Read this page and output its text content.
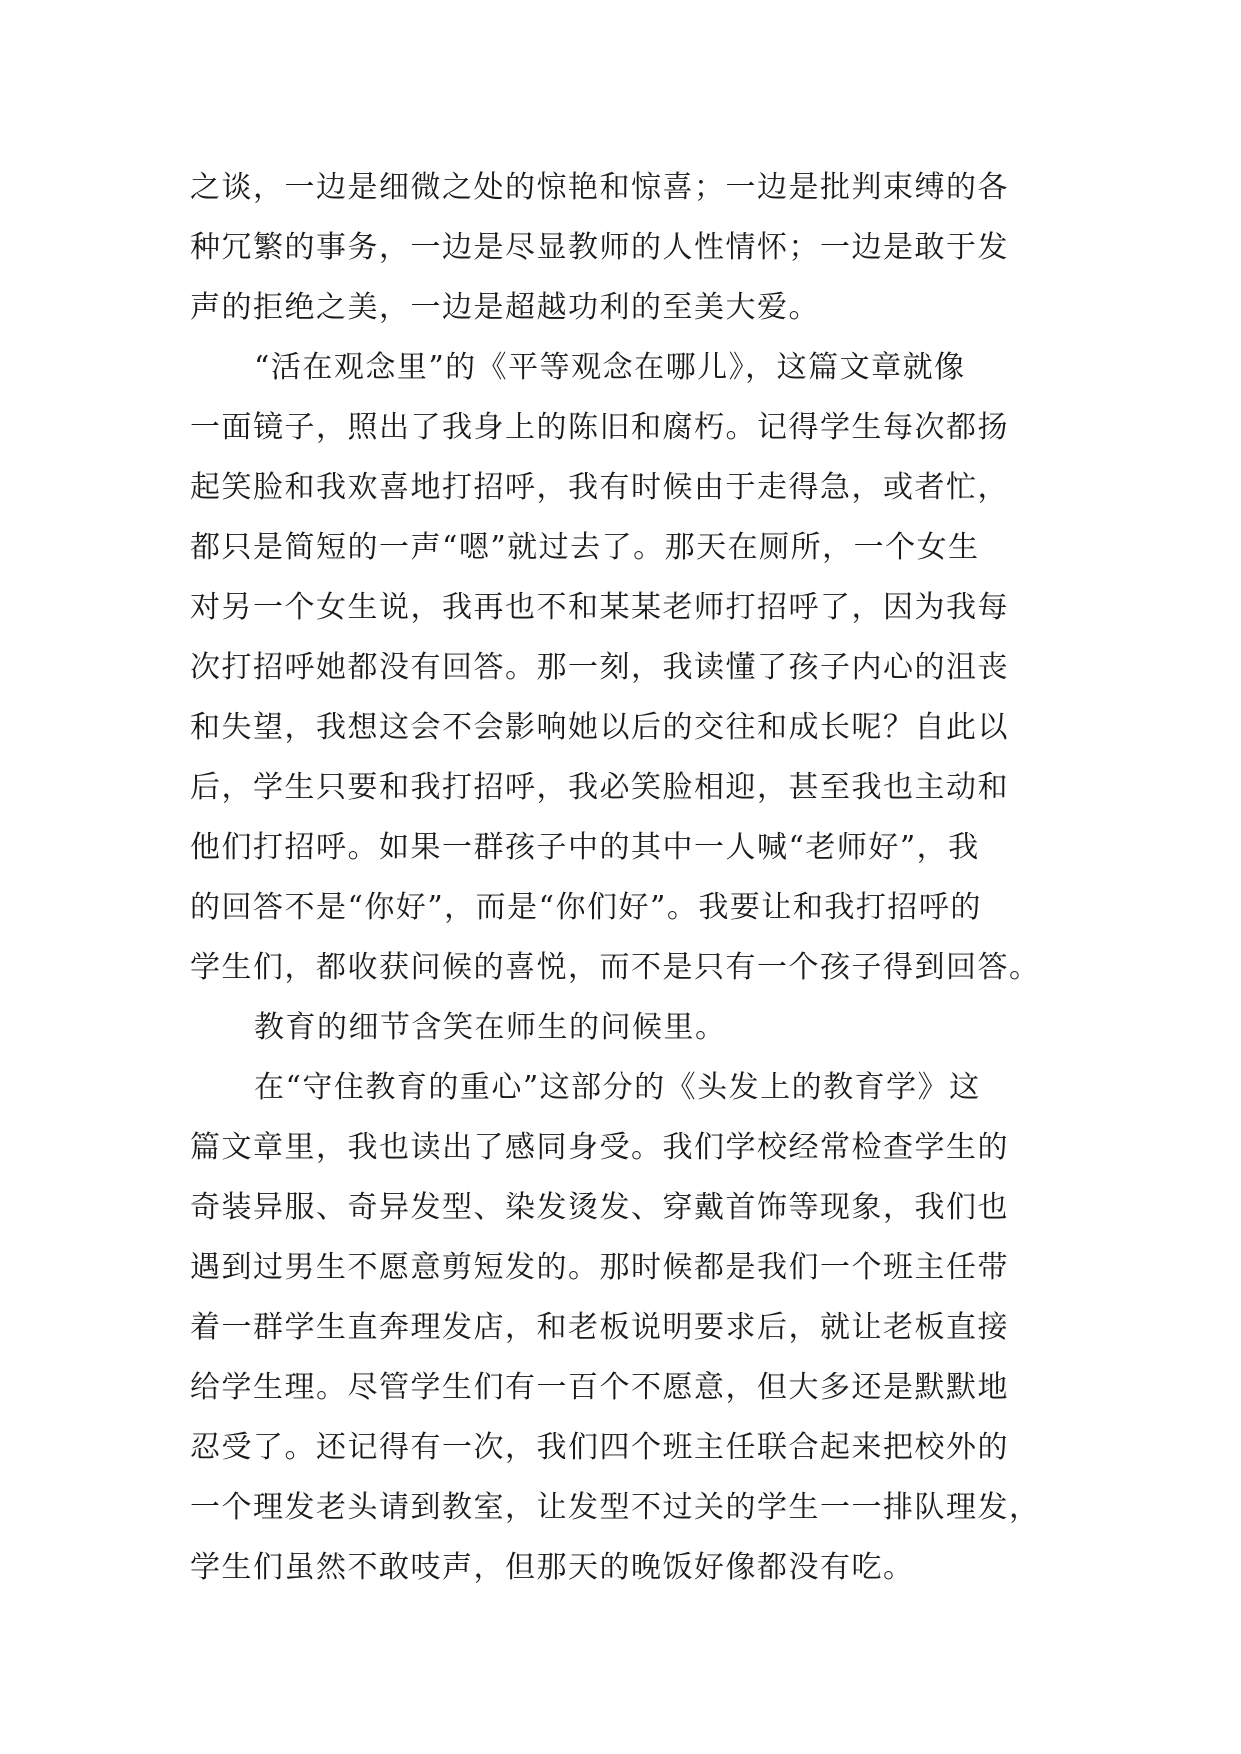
之谈，一边是细微之处的惊艳和惊喜；一边是批判束缚的各
种冗繁的事务，一边是尽显教师的人性情怀；一边是敢于发
声的拒绝之美，一边是超越功利的至美大爱。
“活在观念里”的《平等观念在哪儿》，这篇文章就像
一面镜子，照出了我身上的陈旧和腐朽。记得学生每次都扬
起笑脸和我欢喜地打招呼，我有时候由于走得急，或者忙，
都只是简短的一声“嗯”就过去了。那天在厕所，一个女生
对另一个女生说，我再也不和某某老师打招呼了，因为我每
次打招呼她都没有回答。那一刻，我读懂了孩子内心的沮丧
和失望，我想这会不会影响她以后的交往和成长呢？自此以
后，学生只要和我打招呼，我必笑脸相迎，甚至我也主动和
他们打招呼。如果一群孩子中的其中一人喊“老师好”，我
的回答不是“你好”，而是“你们好”。我要让和我打招呼的
学生们，都收获问候的喜悦，而不是只有一个孩子得到回答。
教育的细节含笑在师生的问候里。
在“守住教育的重心”这部分的《头发上的教育学》这
篇文章里，我也读出了感同身受。我们学校经常检查学生的
奇装异服、奇异发型、染发烫发、穿戴首饰等现象，我们也
遇到过男生不愿意剪短发的。那时候都是我们一个班主任带
着一群学生直奔理发店，和老板说明要求后，就让老板直接
给学生理。尽管学生们有一百个不愿意，但大多还是默默地
忍受了。还记得有一次，我们四个班主任联合起来把校外的
一个理发老头请到教室，让发型不过关的学生一一排队理发，
学生们虽然不敢吱声，但那天的晚饭好像都没有吃。
